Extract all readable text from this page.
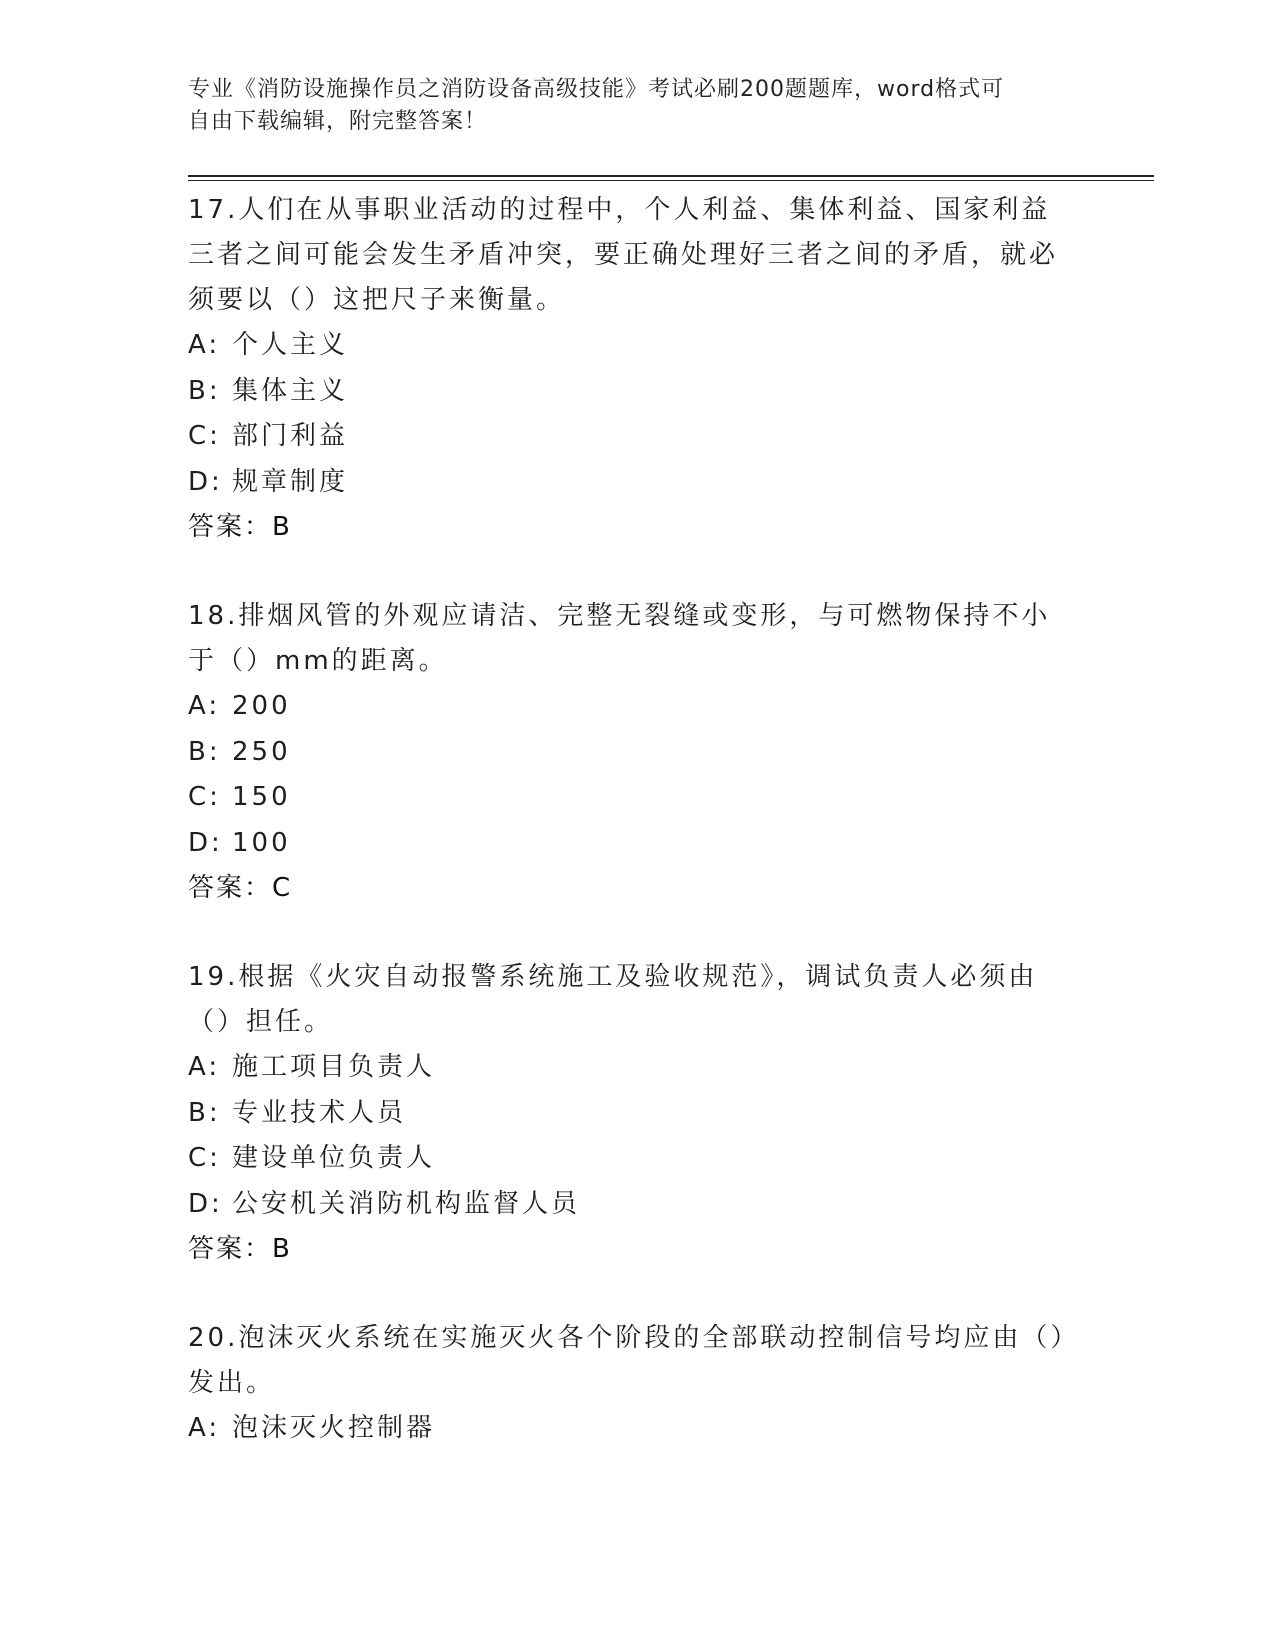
专业《消防设施操作员之消防设备高级技能》考试必刷200题题库，word格式可
自由下载编辑，附完整答案！
17.人们在从事职业活动的过程中，个人利益、集体利益、国家利益三者之间可能会发生矛盾冲突，要正确处理好三者之间的矛盾，就必须要以（）这把尺子来衡量。
A: 个人主义
B: 集体主义
C: 部门利益
D: 规章制度
答案：B
18.排烟风管的外观应请洁、完整无裂缝或变形，与可燃物保持不小于（）mm的距离。
A: 200
B: 250
C: 150
D: 100
答案：C
19.根据《火灾自动报警系统施工及验收规范》，调试负责人必须由（）担任。
A: 施工项目负责人
B: 专业技术人员
C: 建设单位负责人
D: 公安机关消防机构监督人员
答案：B
20.泡沫灭火系统在实施灭火各个阶段的全部联动控制信号均应由（）发出。
A: 泡沫灭火控制器
